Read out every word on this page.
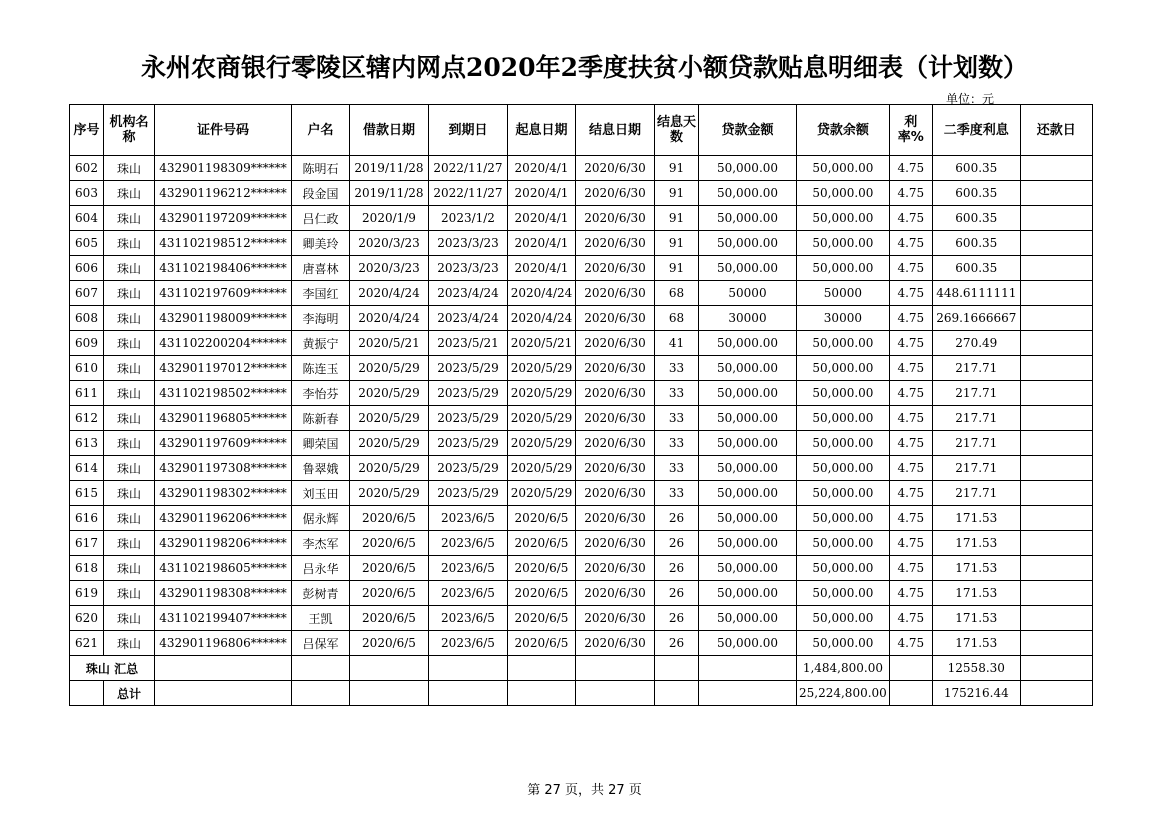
永州农商银行零陵区辖内网点2020年2季度扶贫小额贷款贴息明细表（计划数）
单位：元
序号	机构名称	证件号码	户名	借款日期	到期日	起息日期	结息日期	结息天数	贷款金额	贷款余额	利率%	二季度利息	还款日
602	珠山	432901198309******	陈明石	2019/11/28	2022/11/27	2020/4/1	2020/6/30	91	50,000.00	50,000.00	4.75	600.35	
603	珠山	432901196212******	段金国	2019/11/28	2022/11/27	2020/4/1	2020/6/30	91	50,000.00	50,000.00	4.75	600.35	
604	珠山	432901197209******	吕仁政	2020/1/9	2023/1/2	2020/4/1	2020/6/30	91	50,000.00	50,000.00	4.75	600.35	
605	珠山	431102198512******	卿美玲	2020/3/23	2023/3/23	2020/4/1	2020/6/30	91	50,000.00	50,000.00	4.75	600.35	
606	珠山	431102198406******	唐喜林	2020/3/23	2023/3/23	2020/4/1	2020/6/30	91	50,000.00	50,000.00	4.75	600.35	
607	珠山	431102197609******	李国红	2020/4/24	2023/4/24	2020/4/24	2020/6/30	68	50000	50000	4.75	448.6111111	
608	珠山	432901198009******	李海明	2020/4/24	2023/4/24	2020/4/24	2020/6/30	68	30000	30000	4.75	269.1666667	
609	珠山	431102200204******	黄振宁	2020/5/21	2023/5/21	2020/5/21	2020/6/30	41	50,000.00	50,000.00	4.75	270.49	
610	珠山	432901197012******	陈连玉	2020/5/29	2023/5/29	2020/5/29	2020/6/30	33	50,000.00	50,000.00	4.75	217.71	
611	珠山	431102198502******	李怡芬	2020/5/29	2023/5/29	2020/5/29	2020/6/30	33	50,000.00	50,000.00	4.75	217.71	
612	珠山	432901196805******	陈新春	2020/5/29	2023/5/29	2020/5/29	2020/6/30	33	50,000.00	50,000.00	4.75	217.71	
613	珠山	432901197609******	卿荣国	2020/5/29	2023/5/29	2020/5/29	2020/6/30	33	50,000.00	50,000.00	4.75	217.71	
614	珠山	432901197308******	鲁翠娥	2020/5/29	2023/5/29	2020/5/29	2020/6/30	33	50,000.00	50,000.00	4.75	217.71	
615	珠山	432901198302******	刘玉田	2020/5/29	2023/5/29	2020/5/29	2020/6/30	33	50,000.00	50,000.00	4.75	217.71	
616	珠山	432901196206******	倨永辉	2020/6/5	2023/6/5	2020/6/5	2020/6/30	26	50,000.00	50,000.00	4.75	171.53	
617	珠山	432901198206******	李杰军	2020/6/5	2023/6/5	2020/6/5	2020/6/30	26	50,000.00	50,000.00	4.75	171.53	
618	珠山	431102198605******	吕永华	2020/6/5	2023/6/5	2020/6/5	2020/6/30	26	50,000.00	50,000.00	4.75	171.53	
619	珠山	432901198308******	彭树青	2020/6/5	2023/6/5	2020/6/5	2020/6/30	26	50,000.00	50,000.00	4.75	171.53	
620	珠山	431102199407******	王凯	2020/6/5	2023/6/5	2020/6/5	2020/6/30	26	50,000.00	50,000.00	4.75	171.53	
621	珠山	432901196806******	吕保军	2020/6/5	2023/6/5	2020/6/5	2020/6/30	26	50,000.00	50,000.00	4.75	171.53	
珠山 汇总										1,484,800.00		12558.30	
	总计									25,224,800.00		175216.44	
第 27 页，共 27 页
